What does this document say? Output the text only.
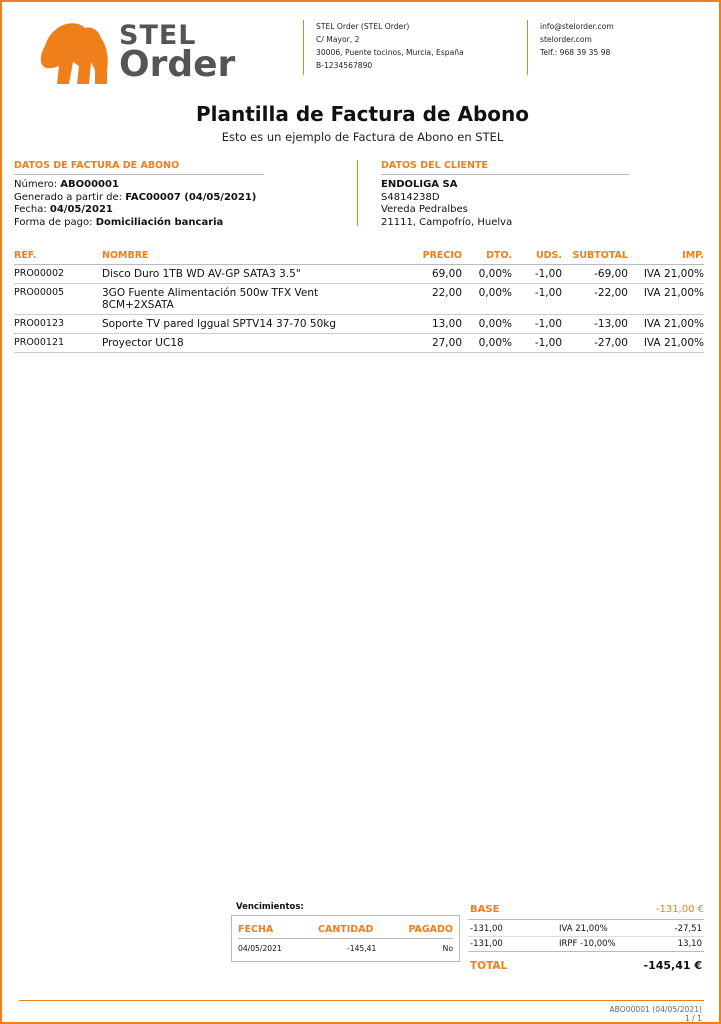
STEL
Order
STEL Order (STEL Order)
C/ Mayor, 2
30006, Puente tocinos, Murcia, España
B-1234567890
info@stelorder.com
stelorder.com
Telf.: 968 39 35 98
Plantilla de Factura de Abono
Esto es un ejemplo de Factura de Abono en STEL
DATOS DE FACTURA DE ABONO
Número: ABO00001
Generado a partir de: FAC00007 (04/05/2021)
Fecha: 04/05/2021
Forma de pago: Domiciliación bancaria
DATOS DEL CLIENTE
ENDOLIGA SA
S4814238D
Vereda Pedralbes
21111, Campofrío, Huelva
REF.	NOMBRE	PRECIO	DTO.	UDS.	SUBTOTAL	IMP.
PRO00002	Disco Duro 1TB WD AV-GP SATA3 3.5"	69,00	0,00%	-1,00	-69,00	IVA 21,00%
PRO00005	3GO Fuente Alimentación 500w TFX Vent 8CM+2XSATA	22,00	0,00%	-1,00	-22,00	IVA 21,00%
PRO00123	Soporte TV pared Iggual SPTV14 37-70 50kg	13,00	0,00%	-1,00	-13,00	IVA 21,00%
PRO00121	Proyector UC18	27,00	0,00%	-1,00	-27,00	IVA 21,00%
Vencimientos:
FECHA	CANTIDAD	PAGADO
04/05/2021	-145,41	No
BASE	-131,00 €
-131,00	IVA 21,00%	-27,51
-131,00	IRPF -10,00%	13,10
TOTAL	-145,41 €
ABO00001 (04/05/2021)
1 / 1
